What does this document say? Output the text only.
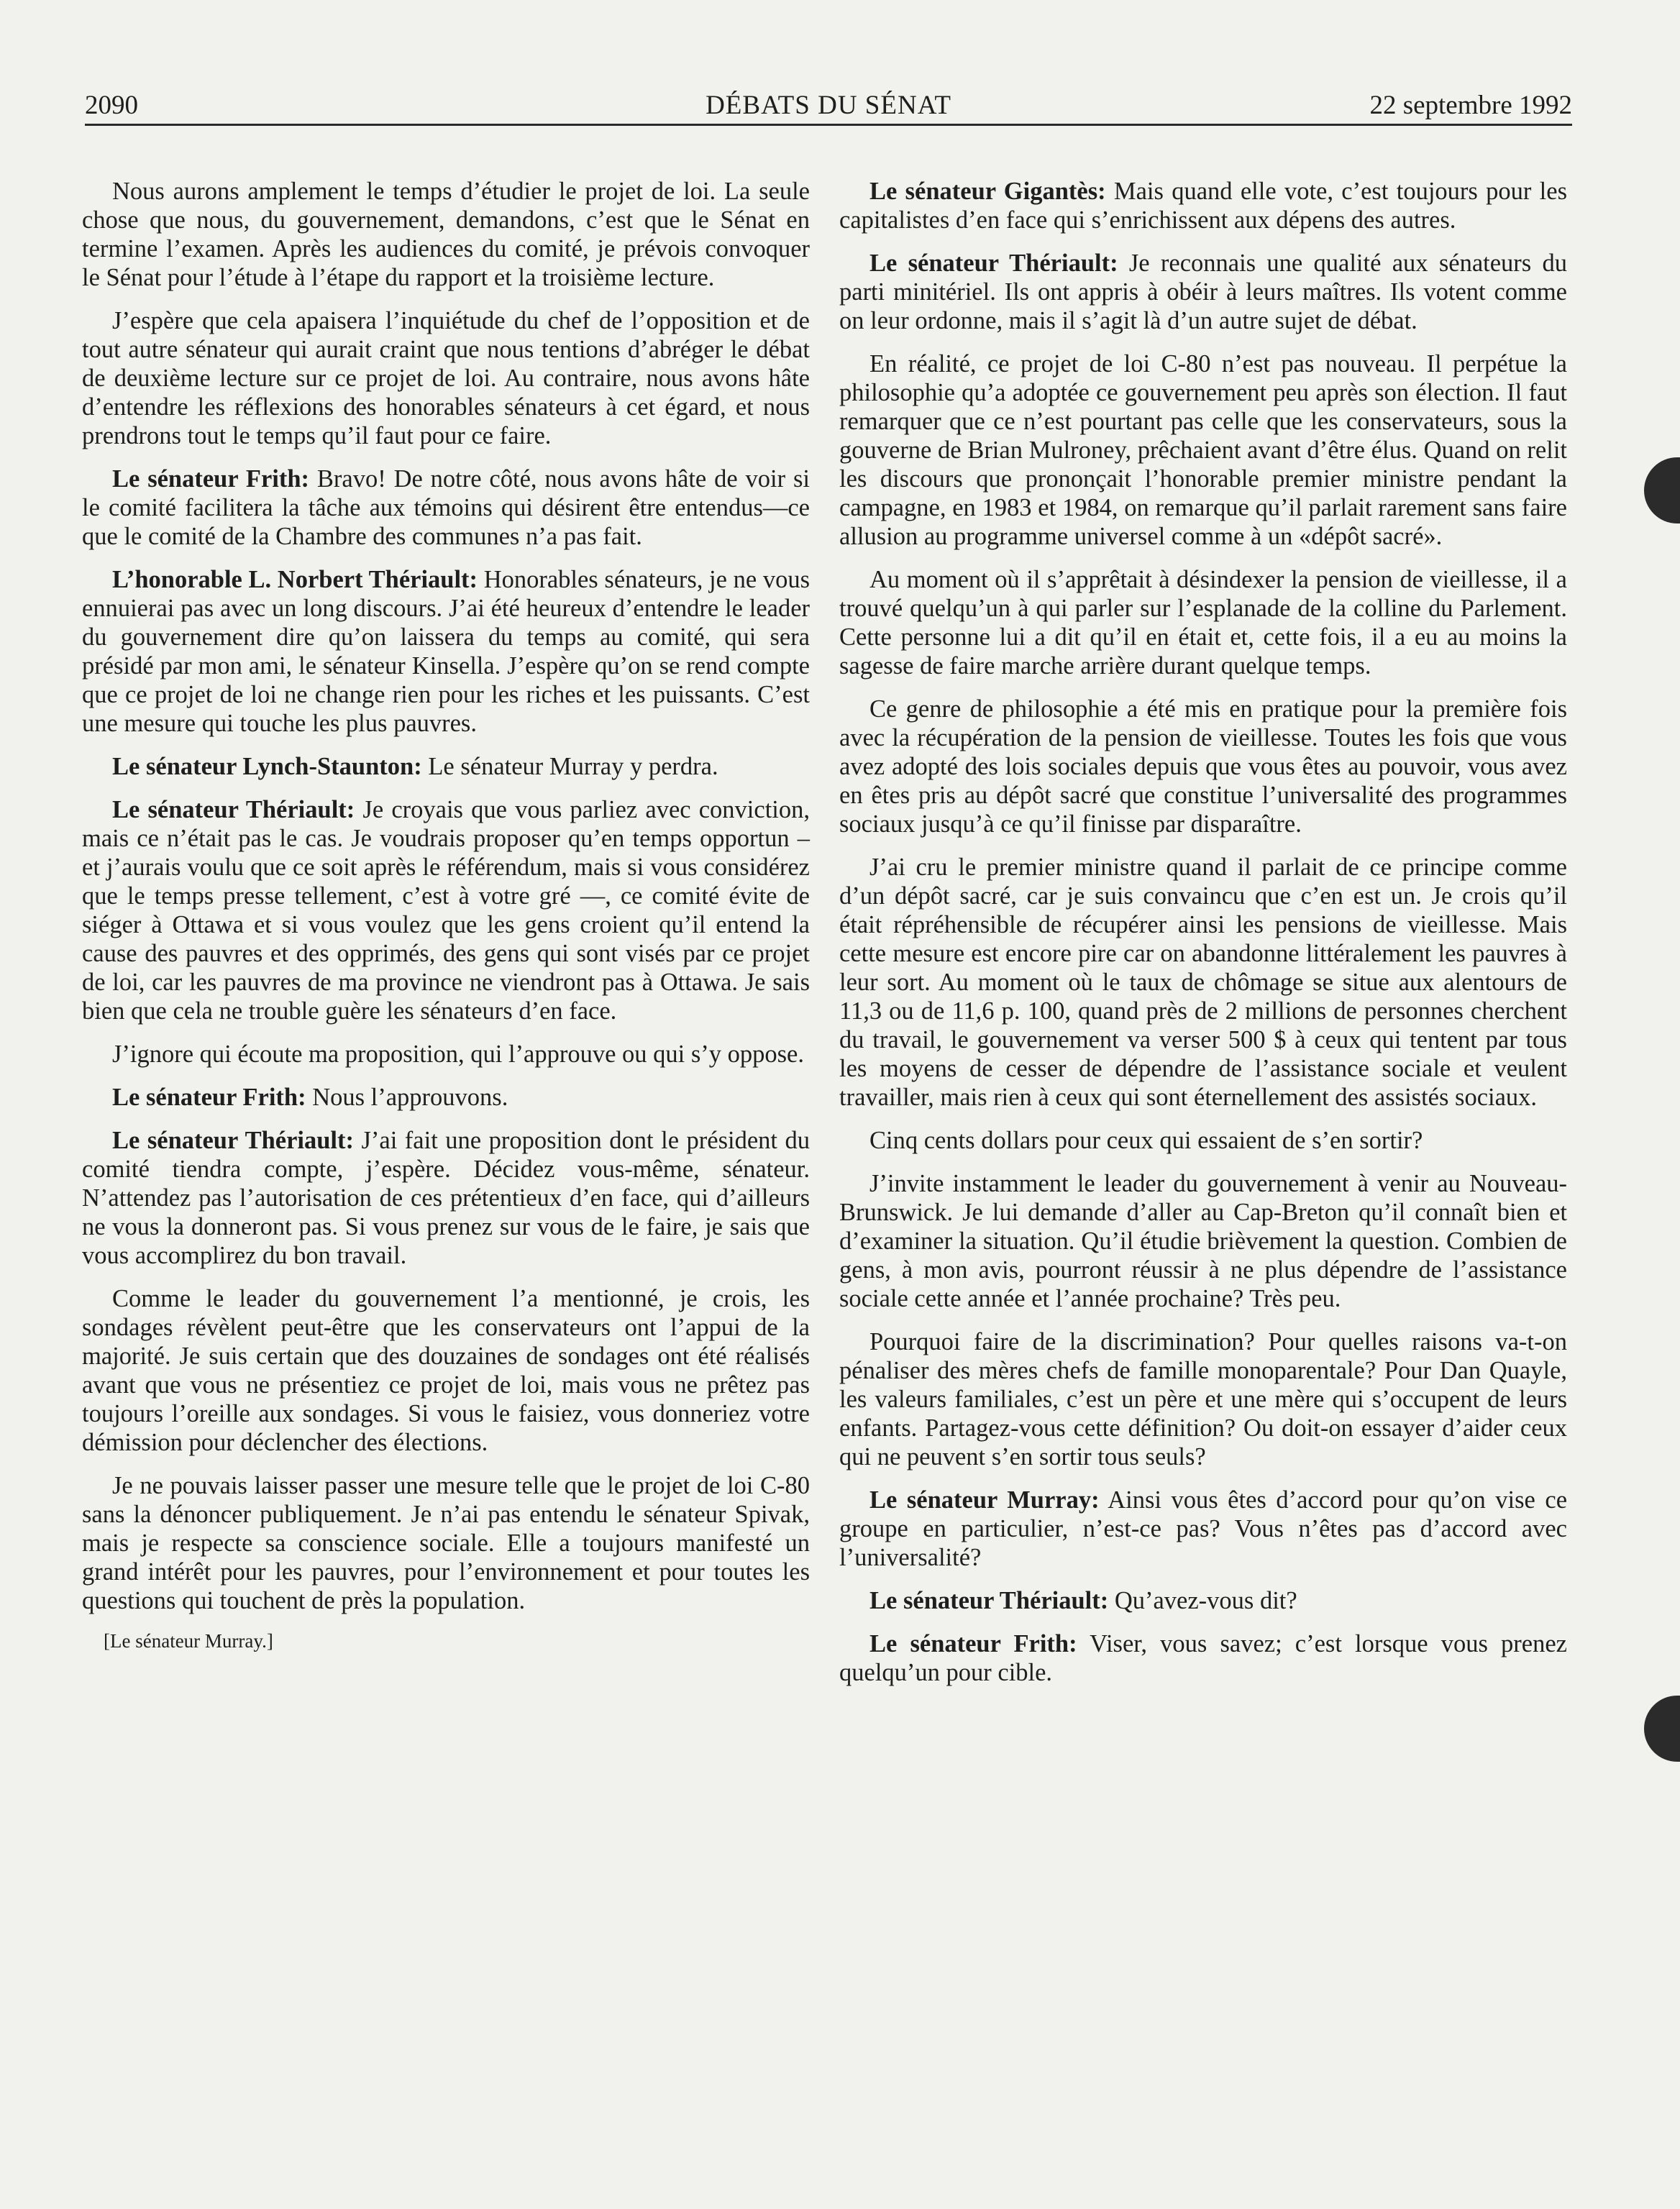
2090	DÉBATS DU SÉNAT	22 septembre 1992

Nous aurons amplement le temps d’étudier le projet de loi. La seule chose que nous, du gouvernement, demandons, c’est que le Sénat en termine l’examen. Après les audiences du comité, je prévois convoquer le Sénat pour l’étude à l’étape du rapport et la troisième lecture.

J’espère que cela apaisera l’inquiétude du chef de l’opposition et de tout autre sénateur qui aurait craint que nous tentions d’abréger le débat de deuxième lecture sur ce projet de loi. Au contraire, nous avons hâte d’entendre les réflexions des honorables sénateurs à cet égard, et nous prendrons tout le temps qu’il faut pour ce faire.

Le sénateur Frith: Bravo! De notre côté, nous avons hâte de voir si le comité facilitera la tâche aux témoins qui désirent être entendus—ce que le comité de la Chambre des communes n’a pas fait.

L’honorable L. Norbert Thériault: Honorables sénateurs, je ne vous ennuierai pas avec un long discours. J’ai été heureux d’entendre le leader du gouvernement dire qu’on laissera du temps au comité, qui sera présidé par mon ami, le sénateur Kinsella. J’espère qu’on se rend compte que ce projet de loi ne change rien pour les riches et les puissants. C’est une mesure qui touche les plus pauvres.

Le sénateur Lynch-Staunton: Le sénateur Murray y perdra.

Le sénateur Thériault: Je croyais que vous parliez avec conviction, mais ce n’était pas le cas. Je voudrais proposer qu’en temps opportun – et j’aurais voulu que ce soit après le référendum, mais si vous considérez que le temps presse tellement, c’est à votre gré —, ce comité évite de siéger à Ottawa et si vous voulez que les gens croient qu’il entend la cause des pauvres et des opprimés, des gens qui sont visés par ce projet de loi, car les pauvres de ma province ne viendront pas à Ottawa. Je sais bien que cela ne trouble guère les sénateurs d’en face.

J’ignore qui écoute ma proposition, qui l’approuve ou qui s’y oppose.

Le sénateur Frith: Nous l’approuvons.

Le sénateur Thériault: J’ai fait une proposition dont le président du comité tiendra compte, j’espère. Décidez vous-même, sénateur. N’attendez pas l’autorisation de ces prétentieux d’en face, qui d’ailleurs ne vous la donneront pas. Si vous prenez sur vous de le faire, je sais que vous accomplirez du bon travail.

Comme le leader du gouvernement l’a mentionné, je crois, les sondages révèlent peut-être que les conservateurs ont l’appui de la majorité. Je suis certain que des douzaines de sondages ont été réalisés avant que vous ne présentiez ce projet de loi, mais vous ne prêtez pas toujours l’oreille aux sondages. Si vous le faisiez, vous donneriez votre démission pour déclencher des élections.

Je ne pouvais laisser passer une mesure telle que le projet de loi C-80 sans la dénoncer publiquement. Je n’ai pas entendu le sénateur Spivak, mais je respecte sa conscience sociale. Elle a toujours manifesté un grand intérêt pour les pauvres, pour l’environnement et pour toutes les questions qui touchent de près la population.

[Le sénateur Murray.]

Le sénateur Gigantès: Mais quand elle vote, c’est toujours pour les capitalistes d’en face qui s’enrichissent aux dépens des autres.

Le sénateur Thériault: Je reconnais une qualité aux sénateurs du parti minitériel. Ils ont appris à obéir à leurs maîtres. Ils votent comme on leur ordonne, mais il s’agit là d’un autre sujet de débat.

En réalité, ce projet de loi C-80 n’est pas nouveau. Il perpétue la philosophie qu’a adoptée ce gouvernement peu après son élection. Il faut remarquer que ce n’est pourtant pas celle que les conservateurs, sous la gouverne de Brian Mulroney, prêchaient avant d’être élus. Quand on relit les discours que prononçait l’honorable premier ministre pendant la campagne, en 1983 et 1984, on remarque qu’il parlait rarement sans faire allusion au programme universel comme à un «dépôt sacré».

Au moment où il s’apprêtait à désindexer la pension de vieillesse, il a trouvé quelqu’un à qui parler sur l’esplanade de la colline du Parlement. Cette personne lui a dit qu’il en était et, cette fois, il a eu au moins la sagesse de faire marche arrière durant quelque temps.

Ce genre de philosophie a été mis en pratique pour la première fois avec la récupération de la pension de vieillesse. Toutes les fois que vous avez adopté des lois sociales depuis que vous êtes au pouvoir, vous avez en êtes pris au dépôt sacré que constitue l’universalité des programmes sociaux jusqu’à ce qu’il finisse par disparaître.

J’ai cru le premier ministre quand il parlait de ce principe comme d’un dépôt sacré, car je suis convaincu que c’en est un. Je crois qu’il était répréhensible de récupérer ainsi les pensions de vieillesse. Mais cette mesure est encore pire car on abandonne littéralement les pauvres à leur sort. Au moment où le taux de chômage se situe aux alentours de 11,3 ou de 11,6 p. 100, quand près de 2 millions de personnes cherchent du travail, le gouvernement va verser 500 $ à ceux qui tentent par tous les moyens de cesser de dépendre de l’assistance sociale et veulent travailler, mais rien à ceux qui sont éternellement des assistés sociaux.

Cinq cents dollars pour ceux qui essaient de s’en sortir?

J’invite instamment le leader du gouvernement à venir au Nouveau-Brunswick. Je lui demande d’aller au Cap-Breton qu’il connaît bien et d’examiner la situation. Qu’il étudie brièvement la question. Combien de gens, à mon avis, pourront réussir à ne plus dépendre de l’assistance sociale cette année et l’année prochaine? Très peu.

Pourquoi faire de la discrimination? Pour quelles raisons va-t-on pénaliser des mères chefs de famille monoparentale? Pour Dan Quayle, les valeurs familiales, c’est un père et une mère qui s’occupent de leurs enfants. Partagez-vous cette définition? Ou doit-on essayer d’aider ceux qui ne peuvent s’en sortir tous seuls?

Le sénateur Murray: Ainsi vous êtes d’accord pour qu’on vise ce groupe en particulier, n’est-ce pas? Vous n’êtes pas d’accord avec l’universalité?

Le sénateur Thériault: Qu’avez-vous dit?

Le sénateur Frith: Viser, vous savez; c’est lorsque vous prenez quelqu’un pour cible.
